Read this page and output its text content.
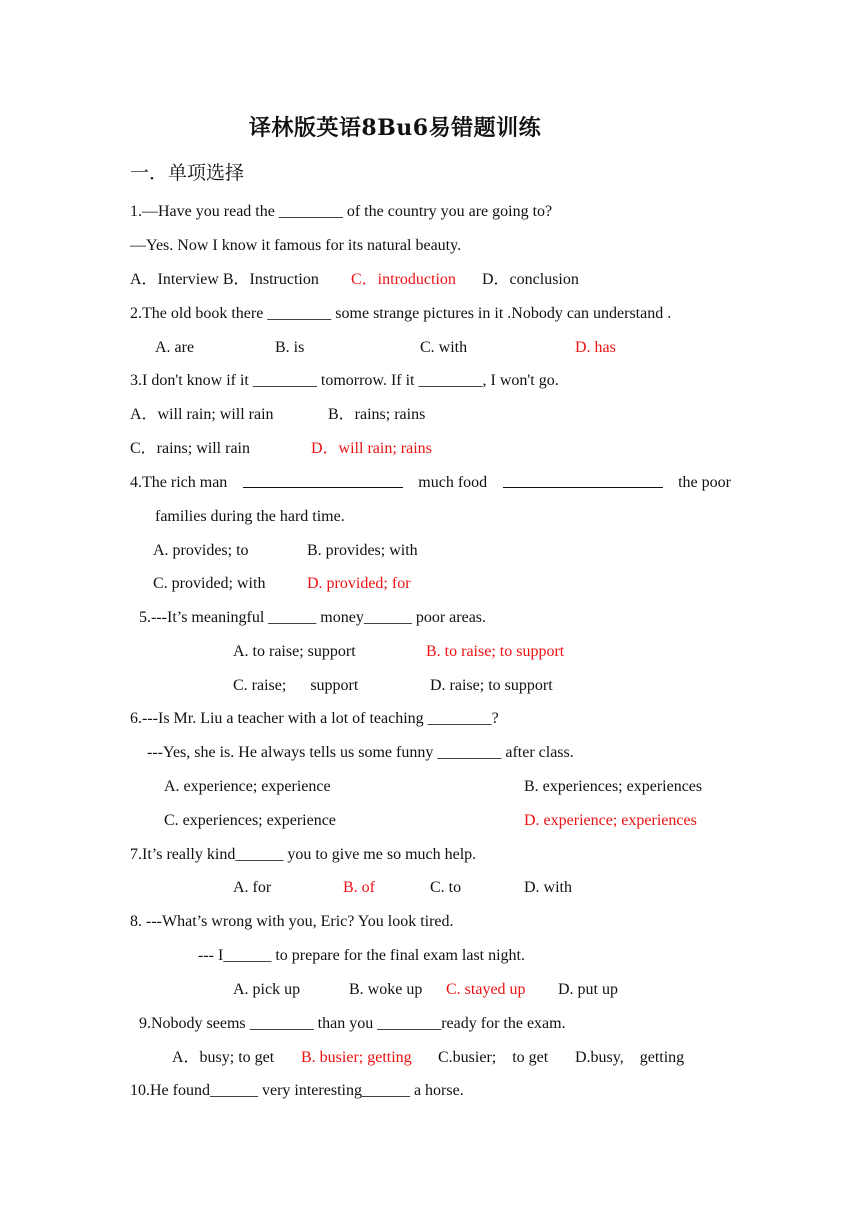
译林版英语8Bu6易错题训练
一．单项选择
1.—Have you read the ________ of the country you are going to?
—Yes. Now I know it famous for its natural beauty.
A．Interview B．Instruction C．introduction D．conclusion
2.The old book there ________ some strange pictures in it .Nobody can understand .
A. are	B. is	C. with	D. has
3.I don't know if it ________ tomorrow. If it ________, I won't go.
A．will rain; will rain	B．rains; rains
C．rains; will rain	D．will rain; rains
4.The rich man	much food	the poor
families during the hard time.
A. provides; to	B. provides; with
C. provided; with	D. provided; for
5.---It’s meaningful ______ money______ poor areas.
A. to raise; support	B. to raise; to support
C. raise;      support	D. raise; to support
6.---Is Mr. Liu a teacher with a lot of teaching ________?
---Yes, she is. He always tells us some funny ________ after class.
A. experience; experience	B. experiences; experiences
C. experiences; experience	D. experience; experiences
7.It’s really kind______ you to give me so much help.
A. for	B. of	C. to	D. with
8. ---What’s wrong with you, Eric? You look tired.
--- I______ to prepare for the final exam last night.
A. pick up	B. woke up C. stayed up D. put up
9.Nobody seems ________ than you ________ready for the exam.
A．busy; to get B. busier; getting C.busier;    to get D.busy,    getting
10.He found______ very interesting______ a horse.
